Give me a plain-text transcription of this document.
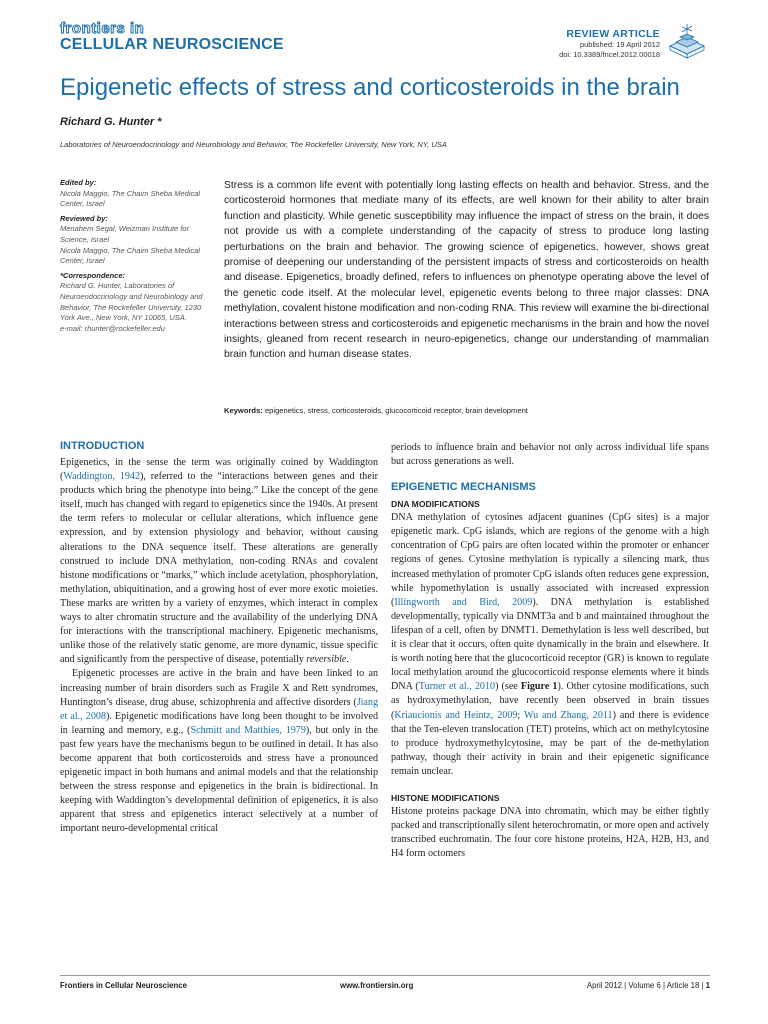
frontiers in
CELLULAR NEUROSCIENCE
REVIEW ARTICLE
published: 19 April 2012
doi: 10.3389/fncel.2012.00018
Epigenetic effects of stress and corticosteroids in the brain
Richard G. Hunter *
Laboratories of Neuroendocrinology and Neurobiology and Behavior, The Rockefeller University, New York, NY, USA
Edited by:
Nicola Maggio, The Chaim Sheba Medical Center, Israel
Reviewed by:
Menahem Segal, Weizman Institute for Science, Israel
Nicola Maggio, The Chaim Sheba Medical Center, Israel
*Correspondence:
Richard G. Hunter, Laboratories of Neuroendocrinology and Neurobiology and Behavior, The Rockefeller University, 1230 York Ave., New York, NY 10065, USA.
e-mail: rhunter@rockefeller.edu

Stress is a common life event with potentially long lasting effects on health and behavior. Stress, and the corticosteroid hormones that mediate many of its effects, are well known for their ability to alter brain function and plasticity. While genetic susceptibility may influence the impact of stress on the brain, it does not provide us with a complete understanding of the capacity of stress to produce long lasting perturbations on the brain and behavior. The growing science of epigenetics, however, shows great promise of deepening our understanding of the persistent impacts of stress and corticosteroids on health and disease. Epigenetics, broadly defined, refers to influences on phenotype operating above the level of the genetic code itself. At the molecular level, epigenetic events belong to three major classes: DNA methylation, covalent histone modification and non-coding RNA. This review will examine the bi-directional interactions between stress and corticosteroids and epigenetic mechanisms in the brain and how the novel insights, gleaned from recent research in neuro-epigenetics, change our understanding of mammalian brain function and human disease states.

Keywords: epigenetics, stress, corticosteroids, glucocorticoid receptor, brain development
INTRODUCTION

Epigenetics, in the sense the term was originally coined by Waddington (Waddington, 1942), referred to the “interactions between genes and their products which bring the phenotype into being.” Like the concept of the gene itself, much has changed with regard to epigenetics since the 1940s. At present the term refers to molecular or cellular alterations, which influence gene expression, and by extension physiology and behavior, without causing alterations to the DNA sequence itself. These alterations are generally construed to include DNA methylation, non-coding RNAs and covalent histone modifications or “marks,” which include acetylation, phosphorylation, methylation, ubiquitination, and a growing host of ever more exotic moieties. These marks are written by a variety of enzymes, which interact in complex ways to alter chromatin structure and the availability of the underlying DNA for interactions with the transcriptional machinery. Epigenetic mechanisms, unlike those of the relatively static genome, are more dynamic, tissue specific and significantly from the perspective of disease, potentially reversible.

Epigenetic processes are active in the brain and have been linked to an increasing number of brain disorders such as Fragile X and Rett syndromes, Huntington’s disease, drug abuse, schizophrenia and affective disorders (Jiang et al., 2008). Epigenetic modifications have long been thought to be involved in learning and memory, e.g., (Schmitt and Matthies, 1979), but only in the past few years have the mechanisms begun to be outlined in detail. It has also become apparent that both corticosteroids and stress have a pronounced epigenetic impact in both humans and animal models and that the relationship between the stress response and epigenetics in the brain is bidirectional. In keeping with Waddington’s developmental definition of epigenetics, it is also apparent that stress and epigenetics interact selectively at a number of important neuro-developmental critical

periods to influence brain and behavior not only across individual life spans but across generations as well.

EPIGENETIC MECHANISMS
DNA MODIFICATIONS

DNA methylation of cytosines adjacent guanines (CpG sites) is a major epigenetic mark. CpG islands, which are regions of the genome with a high concentration of CpG pairs are often located within the promoter or enhancer regions of genes. Cytosine methylation is typically a silencing mark, thus increased methylation of promoter CpG islands often reduces gene expression, while hypomethylation is usually associated with increased expression (Illingworth and Bird, 2009). DNA methylation is established developmentally, typically via DNMT3a and b and maintained throughout the lifespan of a cell, often by DNMT1. Demethylation is less well described, but it is clear that it occurs, often quite dynamically in the brain and elsewhere. It is worth noting here that the glucocorticoid receptor (GR) is known to regulate local methylation around the glucocorticoid response elements where it binds DNA (Turner et al., 2010) (see Figure 1). Other cytosine modifications, such as hydroxymethylation, have recently been observed in brain tissues (Kriaucionis and Heintz, 2009; Wu and Zhang, 2011) and there is evidence that the Ten-eleven translocation (TET) proteins, which act on methylcytosine to produce hydroxymethylcytosine, may be part of the de-methylation pathway, though their activity in brain and their epigenetic significance remain unclear.

HISTONE MODIFICATIONS

Histone proteins package DNA into chromatin, which may be either tightly packed and transcriptionally silent heterochromatin, or more open and actively transcribed euchromatin. The four core histone proteins, H2A, H2B, H3, and H4 form octomers

Frontiers in Cellular Neuroscience	www.frontiersin.org	April 2012 | Volume 6 | Article 18 | 1
